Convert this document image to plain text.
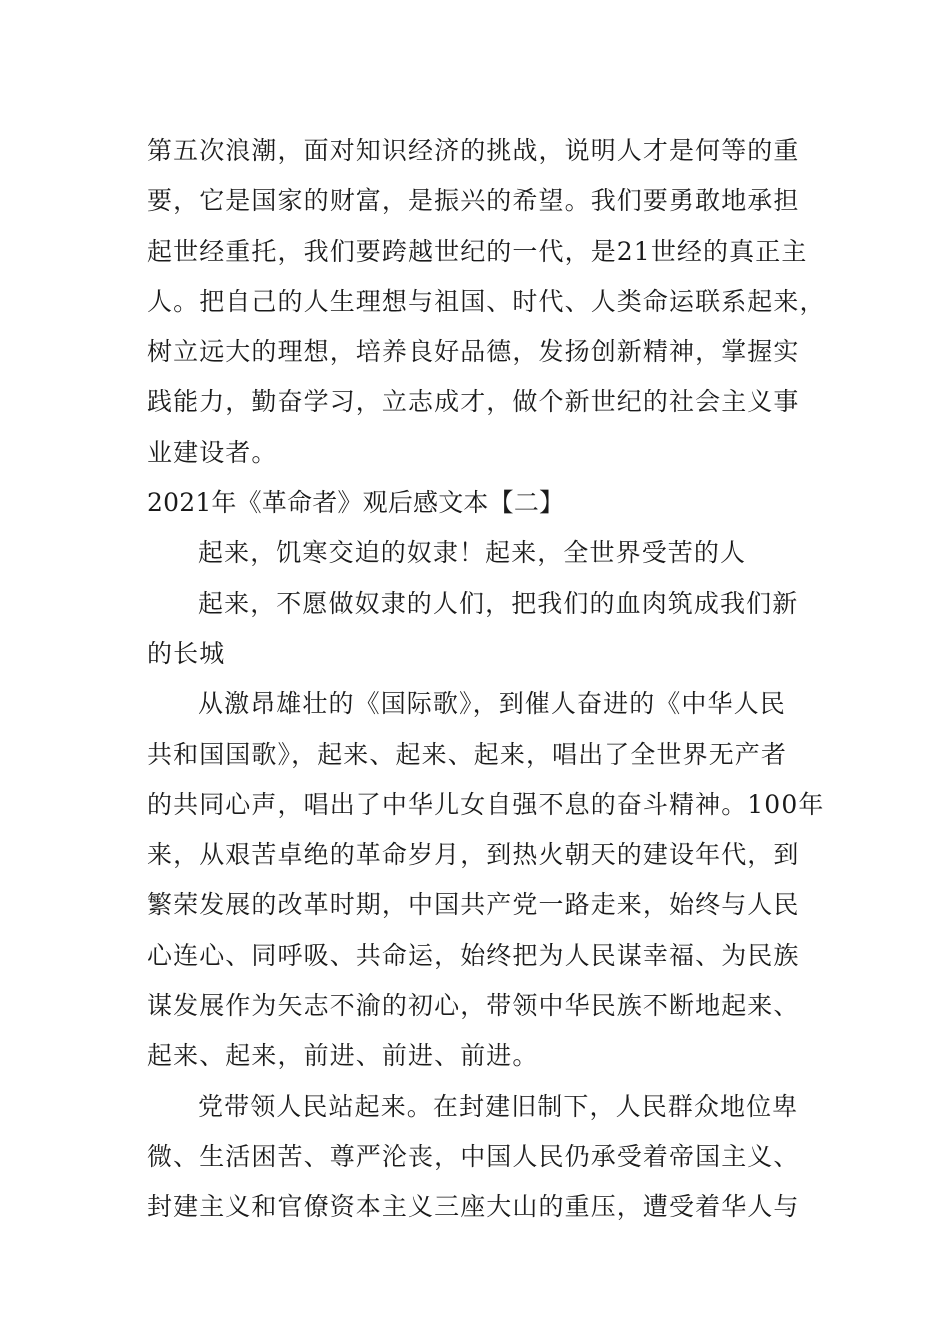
第五次浪潮，面对知识经济的挑战，说明人才是何等的重
要，它是国家的财富，是振兴的希望。我们要勇敢地承担
起世经重托，我们要跨越世纪的一代，是21世经的真正主
人。把自己的人生理想与祖国、时代、人类命运联系起来，
树立远大的理想，培养良好品德，发扬创新精神，掌握实
践能力，勤奋学习，立志成才，做个新世纪的社会主义事
业建设者。
2021年《革命者》观后感文本【二】
起来，饥寒交迫的奴隶！起来，全世界受苦的人
起来，不愿做奴隶的人们，把我们的血肉筑成我们新
的长城
从激昂雄壮的《国际歌》，到催人奋进的《中华人民
共和国国歌》，起来、起来、起来，唱出了全世界无产者
的共同心声，唱出了中华儿女自强不息的奋斗精神。100年
来，从艰苦卓绝的革命岁月，到热火朝天的建设年代，到
繁荣发展的改革时期，中国共产党一路走来，始终与人民
心连心、同呼吸、共命运，始终把为人民谋幸福、为民族
谋发展作为矢志不渝的初心，带领中华民族不断地起来、
起来、起来，前进、前进、前进。
党带领人民站起来。在封建旧制下，人民群众地位卑
微、生活困苦、尊严沦丧，中国人民仍承受着帝国主义、
封建主义和官僚资本主义三座大山的重压，遭受着华人与
